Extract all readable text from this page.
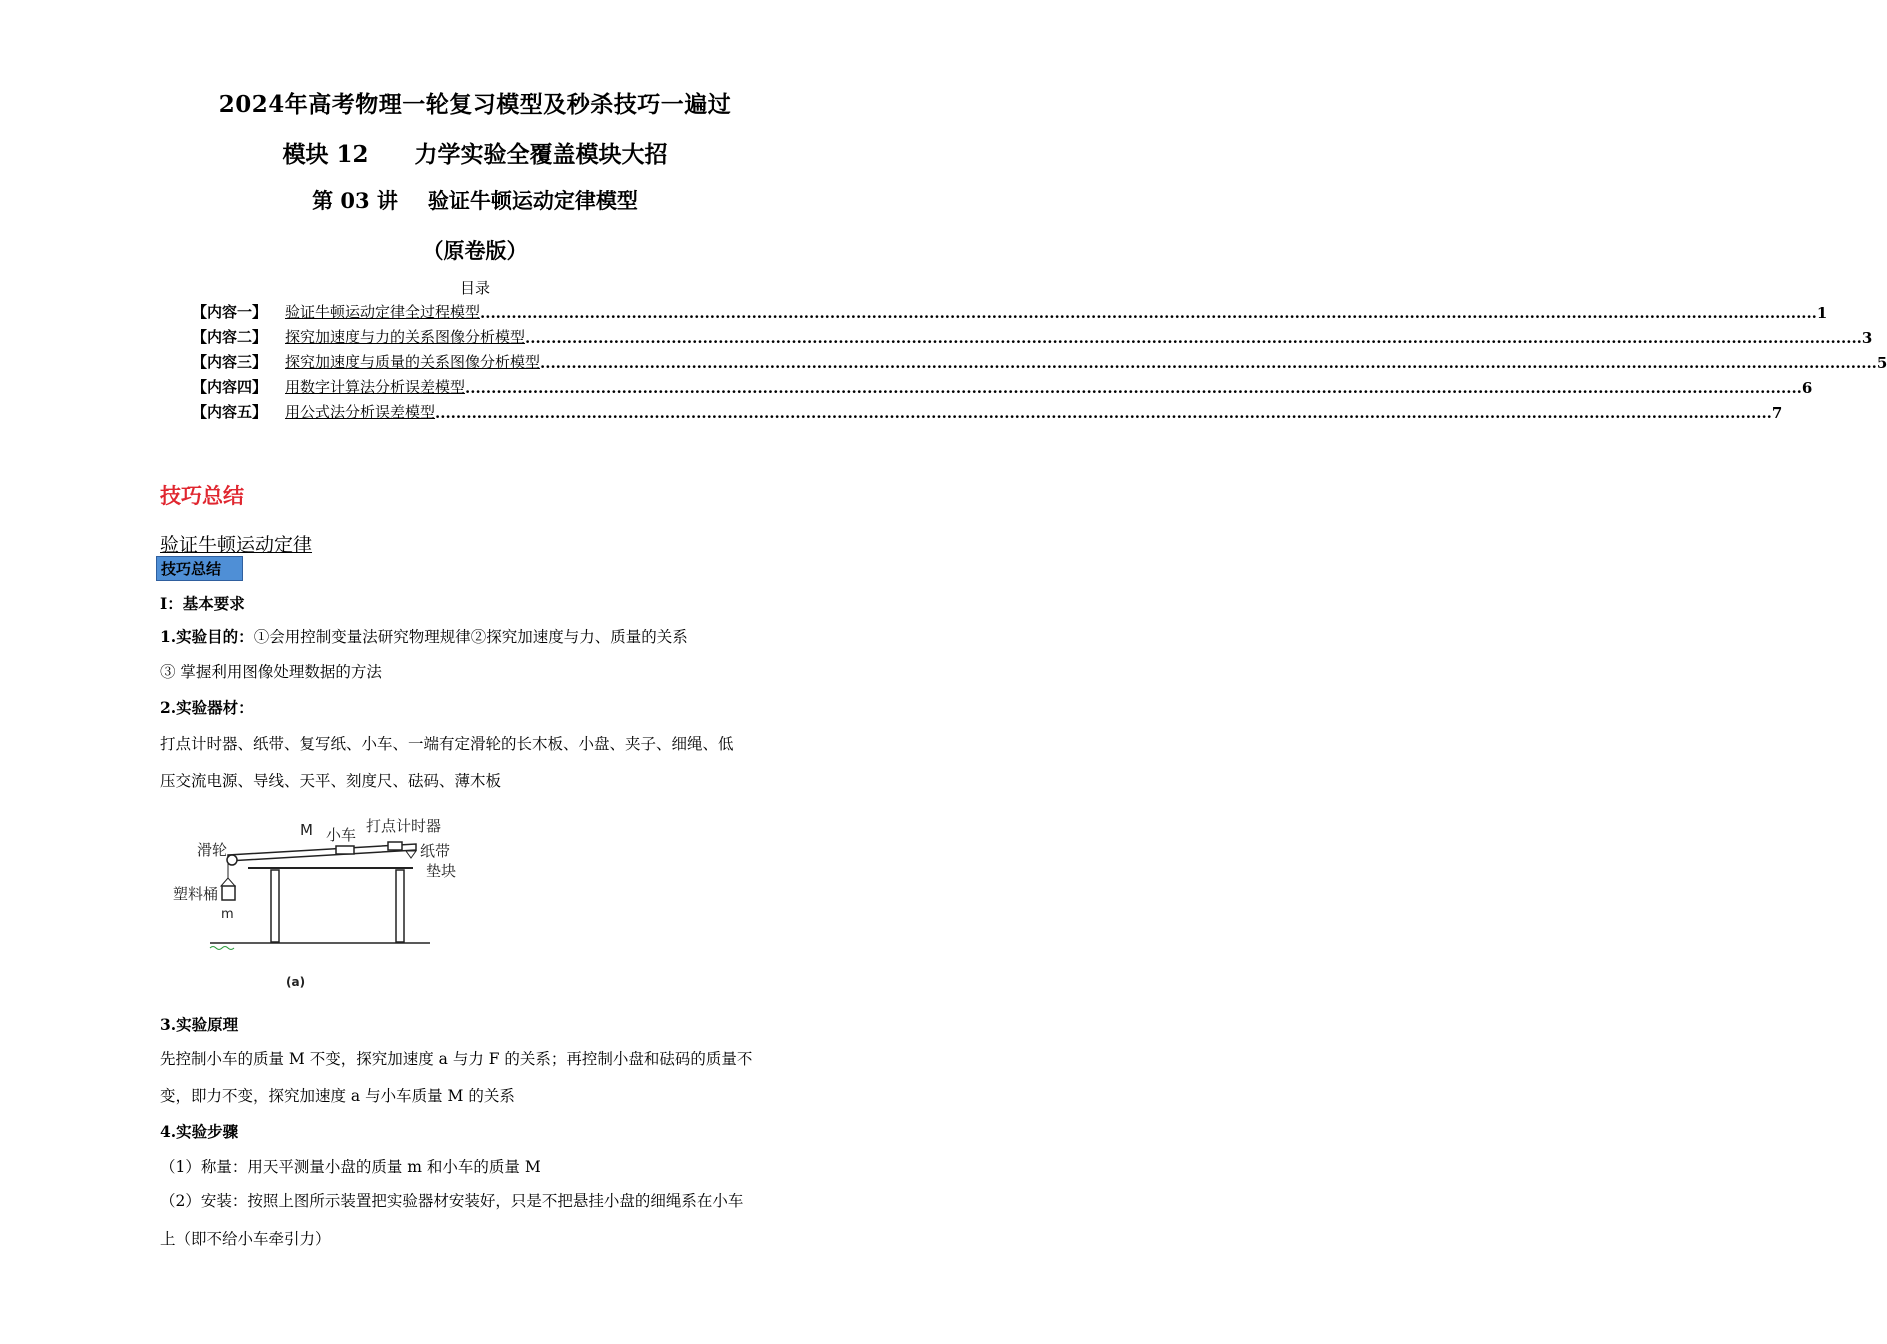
2024年高考物理一轮复习模型及秒杀技巧一遍过
模块 12 力学实验全覆盖模块大招
第 03 讲 验证牛顿运动定律模型
（原卷版）
目录
【内容一】	验证牛顿运动定律全过程模型 ................................................................................................................................................................................................................................................................ 1
【内容二】	探究加速度与力的关系图像分析模型 ................................................................................................................................................................................................................................................................ 3
【内容三】	探究加速度与质量的关系图像分析模型 ................................................................................................................................................................................................................................................................ 5
【内容四】	用数字计算法分析误差模型 ................................................................................................................................................................................................................................................................ 6
【内容五】	用公式法分析误差模型 ................................................................................................................................................................................................................................................................ 7
技巧总结
验证牛顿运动定律
技巧总结
Ⅰ：基本要求
1.实验目的：①会用控制变量法研究物理规律②探究加速度与力、质量的关系
③ 掌握利用图像处理数据的方法
2.实验器材：
打点计时器、纸带、复写纸、小车、一端有定滑轮的长木板、小盘、夹子、细绳、低
压交流电源、导线、天平、刻度尺、砝码、薄木板
M 小车 打点计时器
滑轮	纸带
垫块
塑料桶
m
(a)
3.实验原理
先控制小车的质量 M 不变，探究加速度 a 与力 F 的关系；再控制小盘和砝码的质量不
变，即力不变，探究加速度 a 与小车质量 M 的关系
4.实验步骤
（1）称量：用天平测量小盘的质量 m 和小车的质量 M
（2）安装：按照上图所示装置把实验器材安装好，只是不把悬挂小盘的细绳系在小车
上（即不给小车牵引力）
